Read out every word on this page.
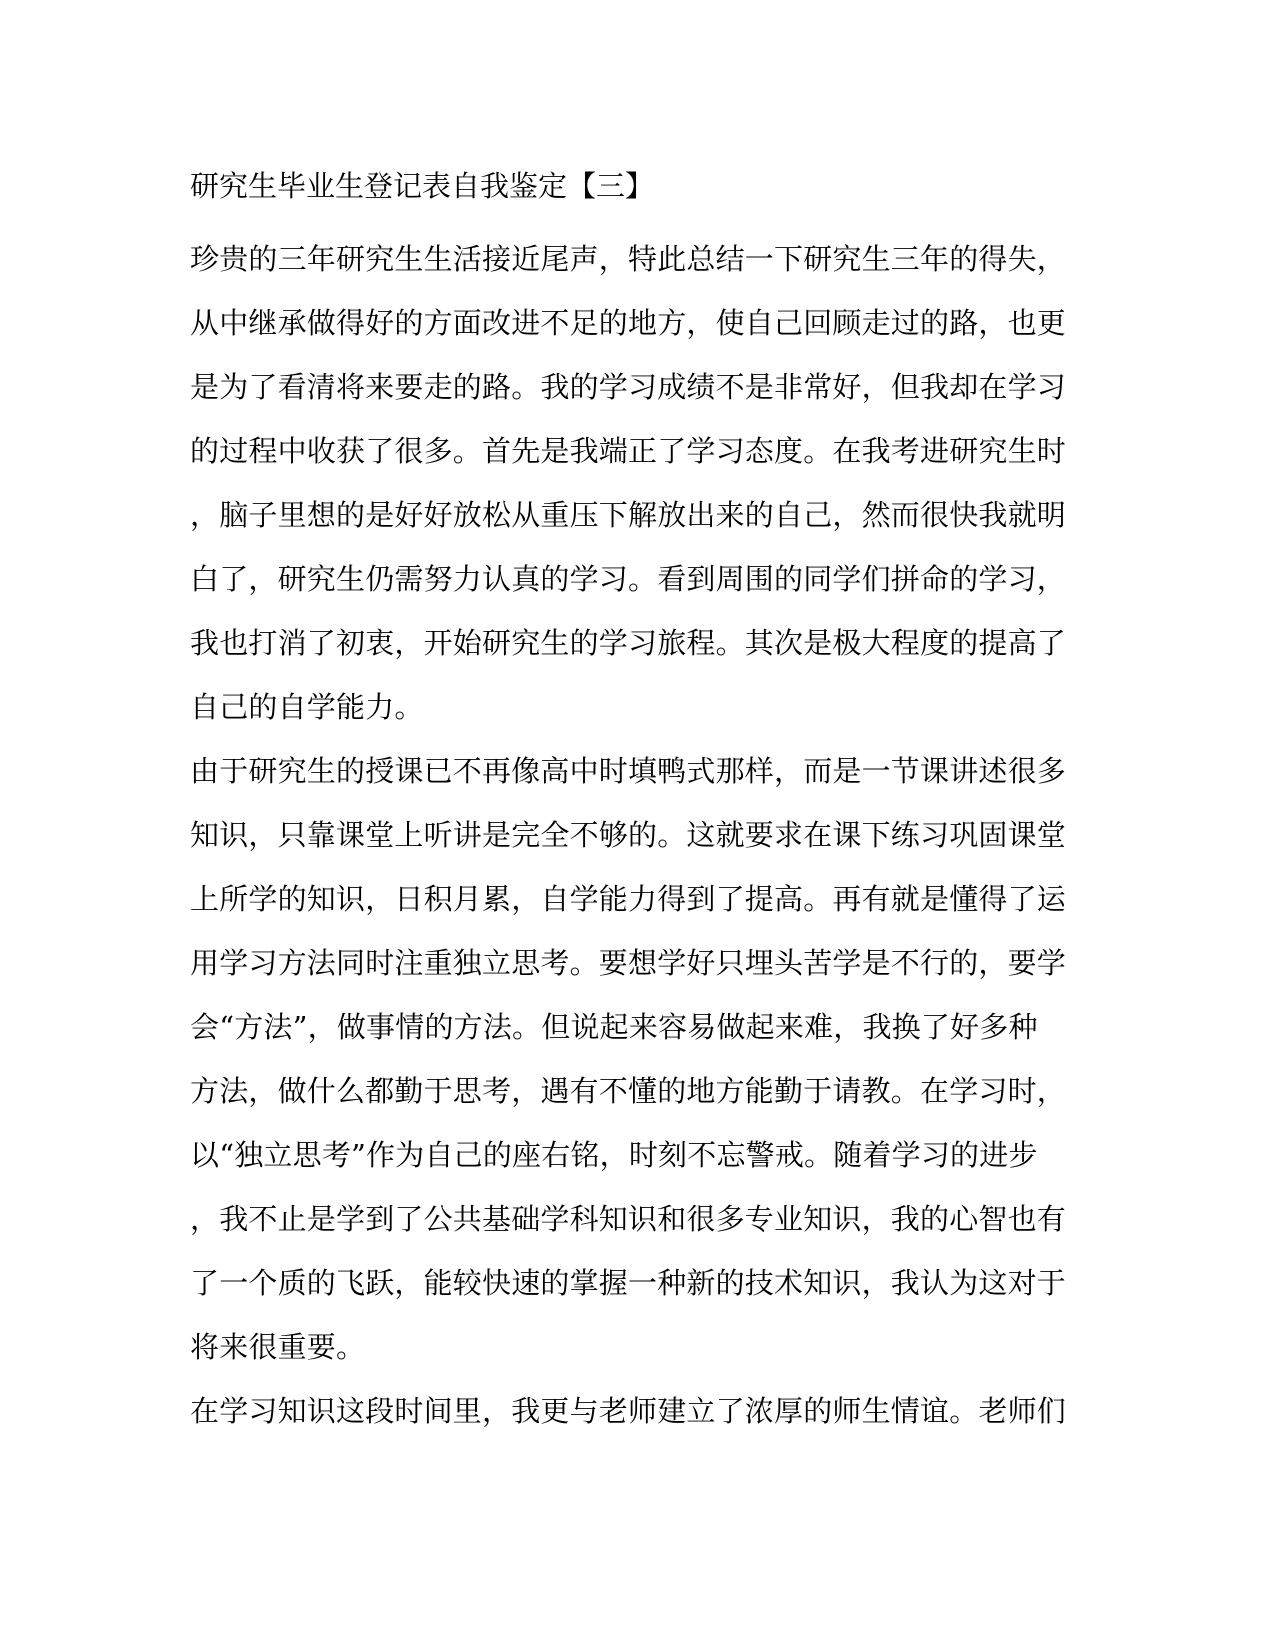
研究生毕业生登记表自我鉴定【三】
珍贵的三年研究生生活接近尾声，特此总结一下研究生三年的得失，
从中继承做得好的方面改进不足的地方，使自己回顾走过的路，也更
是为了看清将来要走的路。我的学习成绩不是非常好，但我却在学习
的过程中收获了很多。首先是我端正了学习态度。在我考进研究生时
，脑子里想的是好好放松从重压下解放出来的自己，然而很快我就明
白了，研究生仍需努力认真的学习。看到周围的同学们拼命的学习，
我也打消了初衷，开始研究生的学习旅程。其次是极大程度的提高了
自己的自学能力。
由于研究生的授课已不再像高中时填鸭式那样，而是一节课讲述很多
知识，只靠课堂上听讲是完全不够的。这就要求在课下练习巩固课堂
上所学的知识，日积月累，自学能力得到了提高。再有就是懂得了运
用学习方法同时注重独立思考。要想学好只埋头苦学是不行的，要学
会“方法”，做事情的方法。但说起来容易做起来难，我换了好多种
方法，做什么都勤于思考，遇有不懂的地方能勤于请教。在学习时，
以“独立思考”作为自己的座右铭，时刻不忘警戒。随着学习的进步
，我不止是学到了公共基础学科知识和很多专业知识，我的心智也有
了一个质的飞跃，能较快速的掌握一种新的技术知识，我认为这对于
将来很重要。
在学习知识这段时间里，我更与老师建立了浓厚的师生情谊。老师们
